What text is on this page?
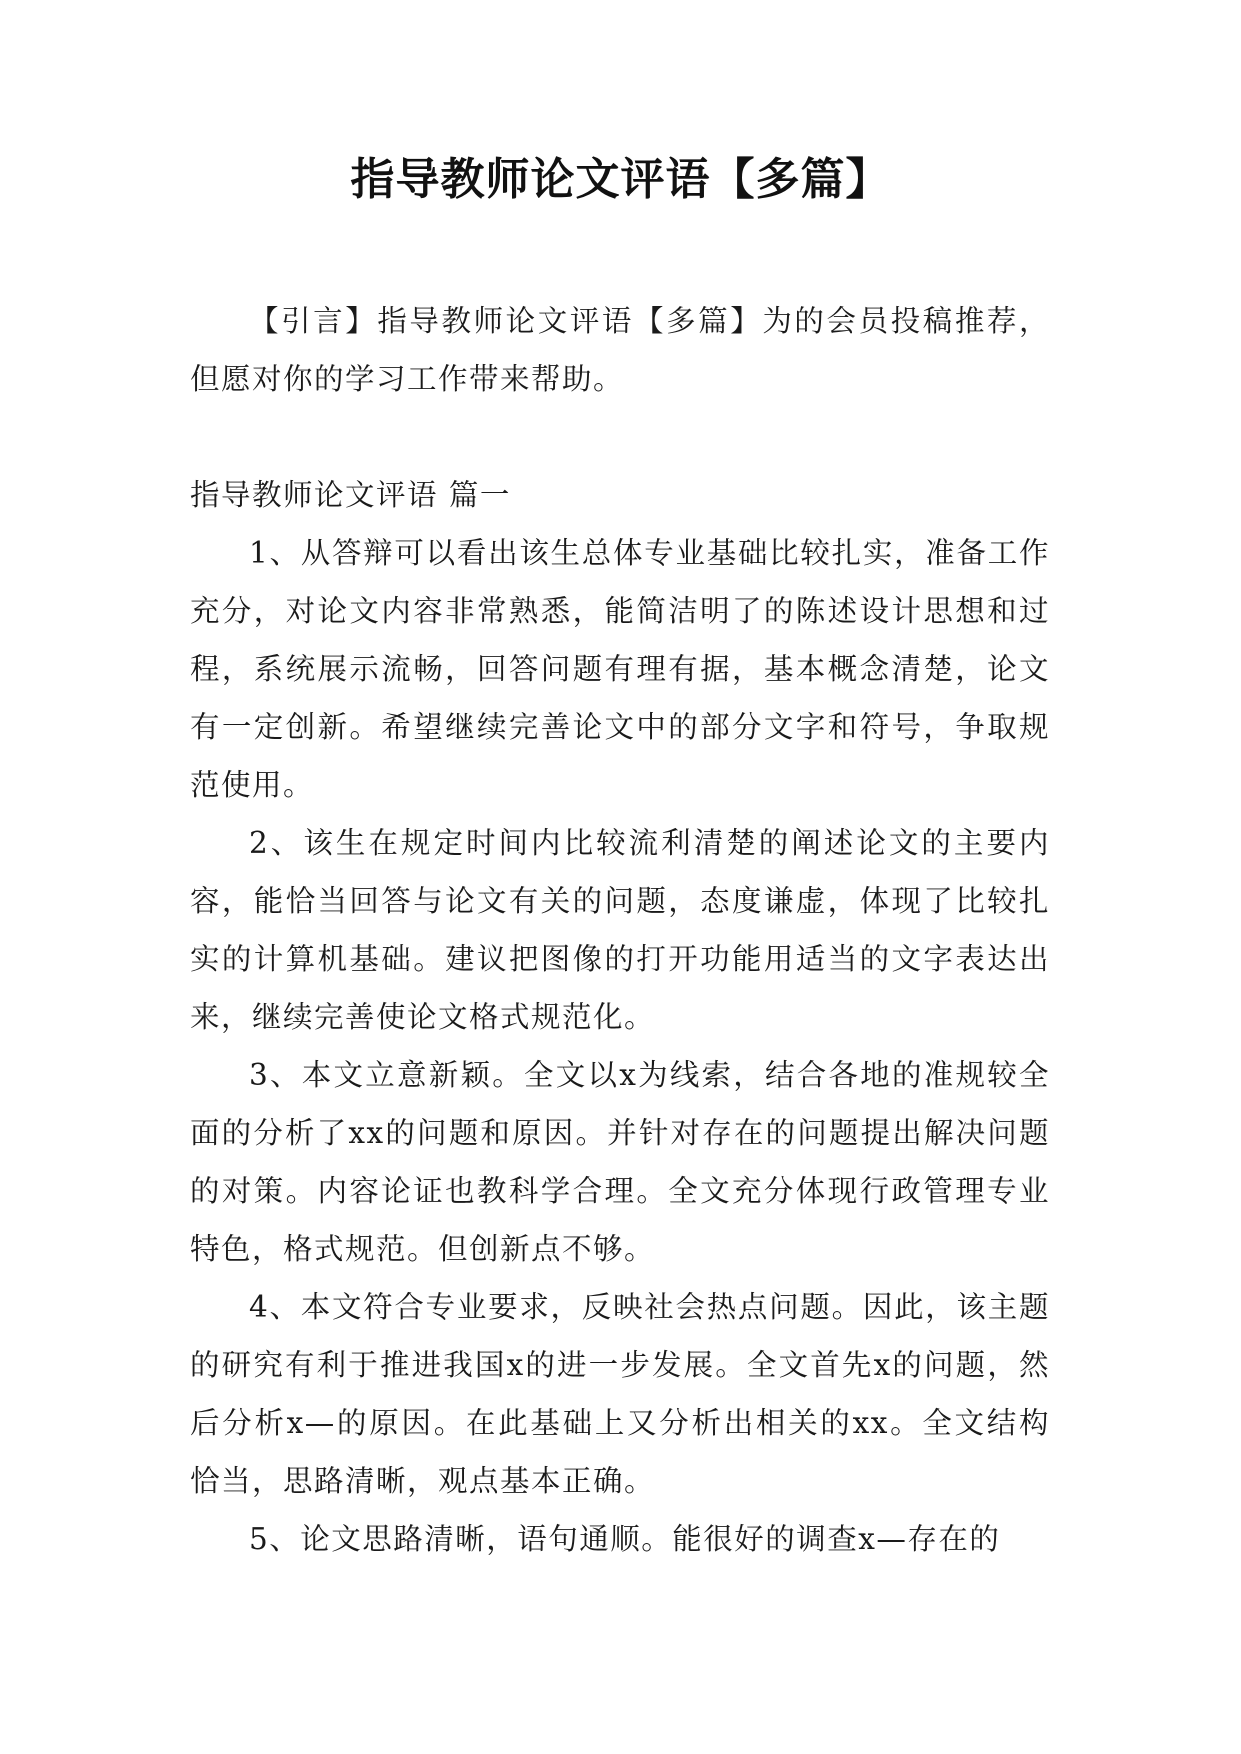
指导教师论文评语【多篇】

【引言】指导教师论文评语【多篇】为的会员投稿推荐，但愿对你的学习工作带来帮助。

指导教师论文评语 篇一

1、从答辩可以看出该生总体专业基础比较扎实，准备工作充分，对论文内容非常熟悉，能简洁明了的陈述设计思想和过程，系统展示流畅，回答问题有理有据，基本概念清楚，论文有一定创新。希望继续完善论文中的部分文字和符号，争取规范使用。

2、该生在规定时间内比较流利清楚的阐述论文的主要内容，能恰当回答与论文有关的问题，态度谦虚，体现了比较扎实的计算机基础。建议把图像的打开功能用适当的文字表达出来，继续完善使论文格式规范化。

3、本文立意新颖。全文以x为线索，结合各地的准规较全面的分析了xx的问题和原因。并针对存在的问题提出解决问题的对策。内容论证也教科学合理。全文充分体现行政管理专业特色，格式规范。但创新点不够。

4、本文符合专业要求，反映社会热点问题。因此，该主题的研究有利于推进我国x的进一步发展。全文首先x的问题，然后分析x—的原因。在此基础上又分析出相关的xx。全文结构恰当，思路清晰，观点基本正确。

5、论文思路清晰，语句通顺。能很好的调查x—存在的
